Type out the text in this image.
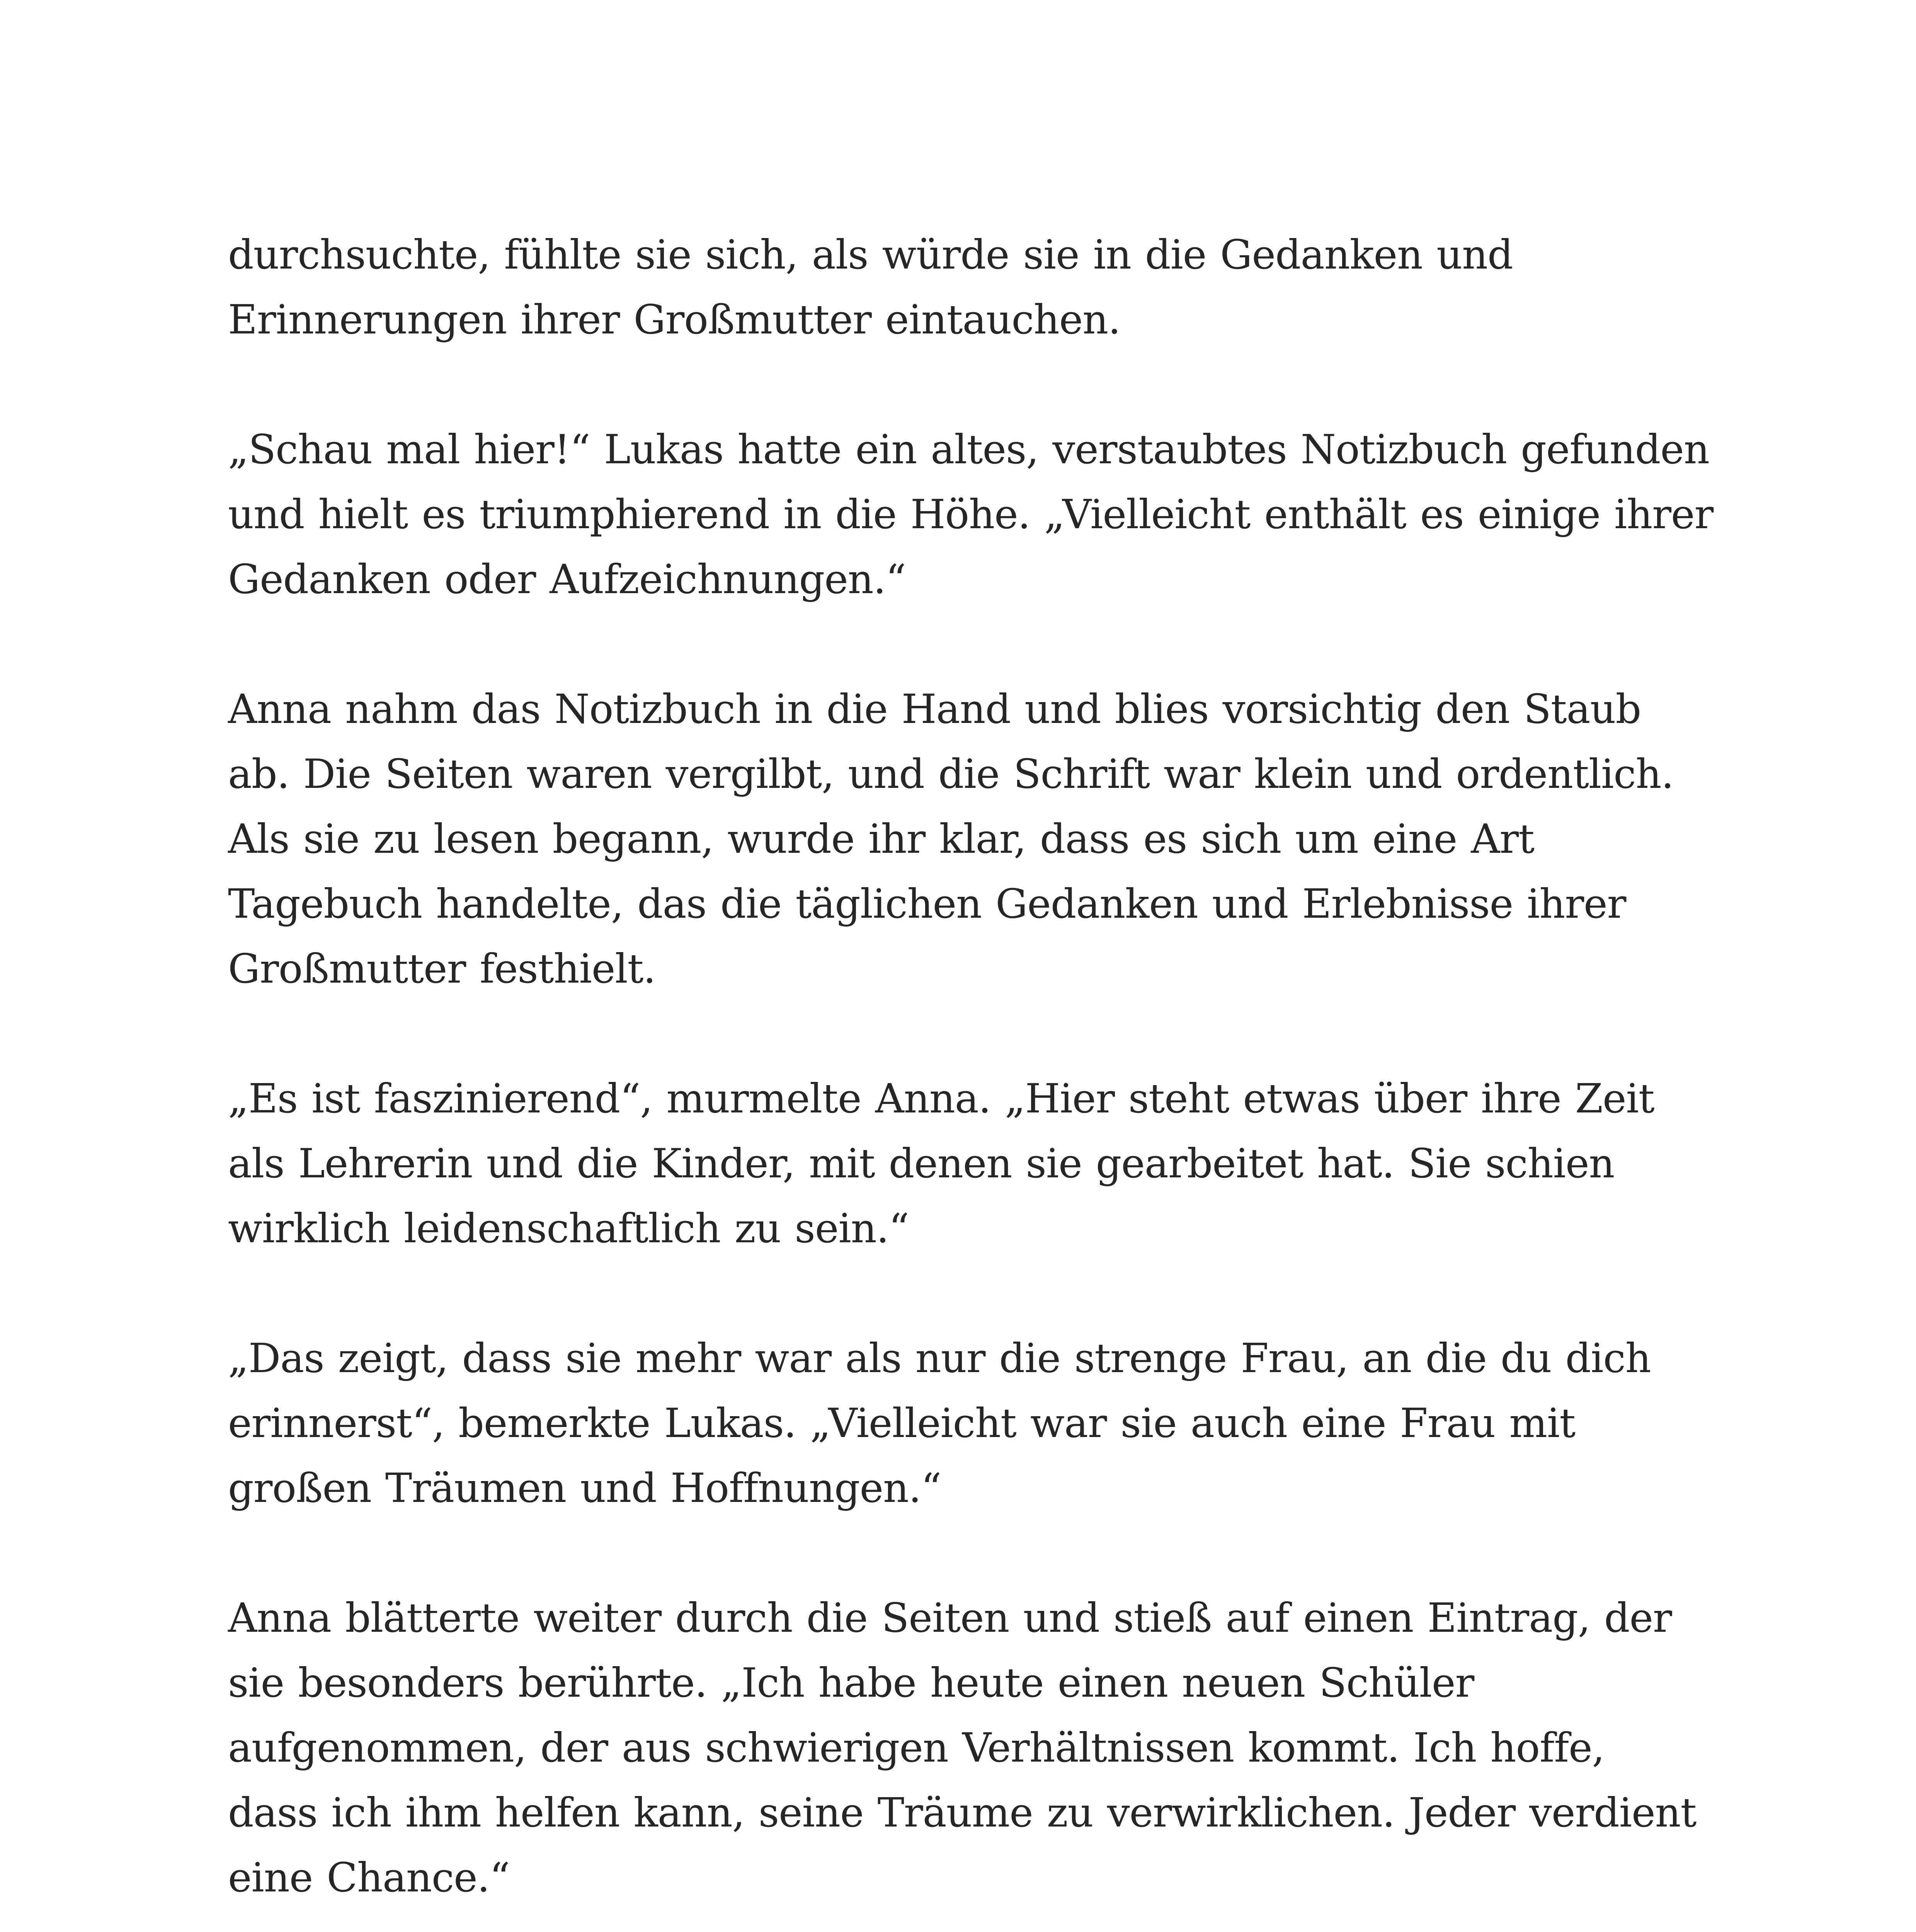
durchsuchte, fühlte sie sich, als würde sie in die Gedanken und
Erinnerungen ihrer Großmutter eintauchen.

„Schau mal hier!“ Lukas hatte ein altes, verstaubtes Notizbuch gefunden
und hielt es triumphierend in die Höhe. „Vielleicht enthält es einige ihrer
Gedanken oder Aufzeichnungen.“

Anna nahm das Notizbuch in die Hand und blies vorsichtig den Staub
ab. Die Seiten waren vergilbt, und die Schrift war klein und ordentlich.
Als sie zu lesen begann, wurde ihr klar, dass es sich um eine Art
Tagebuch handelte, das die täglichen Gedanken und Erlebnisse ihrer
Großmutter festhielt.

„Es ist faszinierend“, murmelte Anna. „Hier steht etwas über ihre Zeit
als Lehrerin und die Kinder, mit denen sie gearbeitet hat. Sie schien
wirklich leidenschaftlich zu sein.“

„Das zeigt, dass sie mehr war als nur die strenge Frau, an die du dich
erinnerst“, bemerkte Lukas. „Vielleicht war sie auch eine Frau mit
großen Träumen und Hoffnungen.“

Anna blätterte weiter durch die Seiten und stieß auf einen Eintrag, der
sie besonders berührte. „Ich habe heute einen neuen Schüler
aufgenommen, der aus schwierigen Verhältnissen kommt. Ich hoffe,
dass ich ihm helfen kann, seine Träume zu verwirklichen. Jeder verdient
eine Chance.“
